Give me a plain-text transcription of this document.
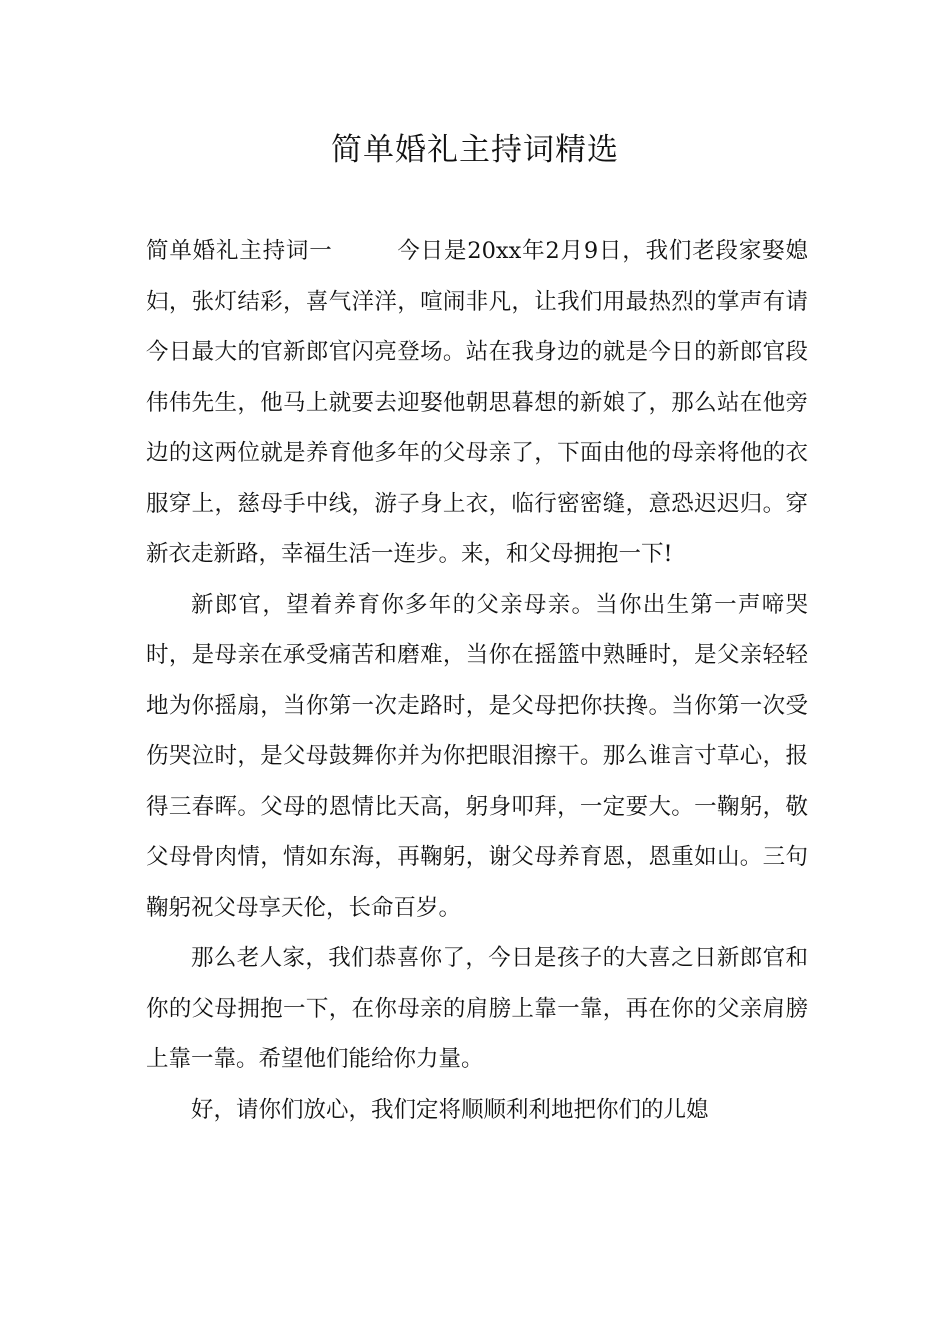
简单婚礼主持词精选

简单婚礼主持词一	今日是20xx年2月9日，我们老段家娶媳妇，张灯结彩，喜气洋洋，喧闹非凡，让我们用最热烈的掌声有请今日最大的官新郎官闪亮登场。站在我身边的就是今日的新郎官段伟伟先生，他马上就要去迎娶他朝思暮想的新娘了，那么站在他旁边的这两位就是养育他多年的父母亲了，下面由他的母亲将他的衣服穿上，慈母手中线，游子身上衣，临行密密缝，意恐迟迟归。穿新衣走新路，幸福生活一连步。来，和父母拥抱一下!

新郎官，望着养育你多年的父亲母亲。当你出生第一声啼哭时，是母亲在承受痛苦和磨难，当你在摇篮中熟睡时，是父亲轻轻地为你摇扇，当你第一次走路时，是父母把你扶搀。当你第一次受伤哭泣时，是父母鼓舞你并为你把眼泪擦干。那么谁言寸草心，报得三春晖。父母的恩情比天高，躬身叩拜，一定要大。一鞠躬，敬父母骨肉情，情如东海，再鞠躬，谢父母养育恩，恩重如山。三句鞠躬祝父母享天伦，长命百岁。

那么老人家，我们恭喜你了，今日是孩子的大喜之日新郎官和你的父母拥抱一下，在你母亲的肩膀上靠一靠，再在你的父亲肩膀上靠一靠。希望他们能给你力量。

好，请你们放心，我们定将顺顺利利地把你们的儿媳
